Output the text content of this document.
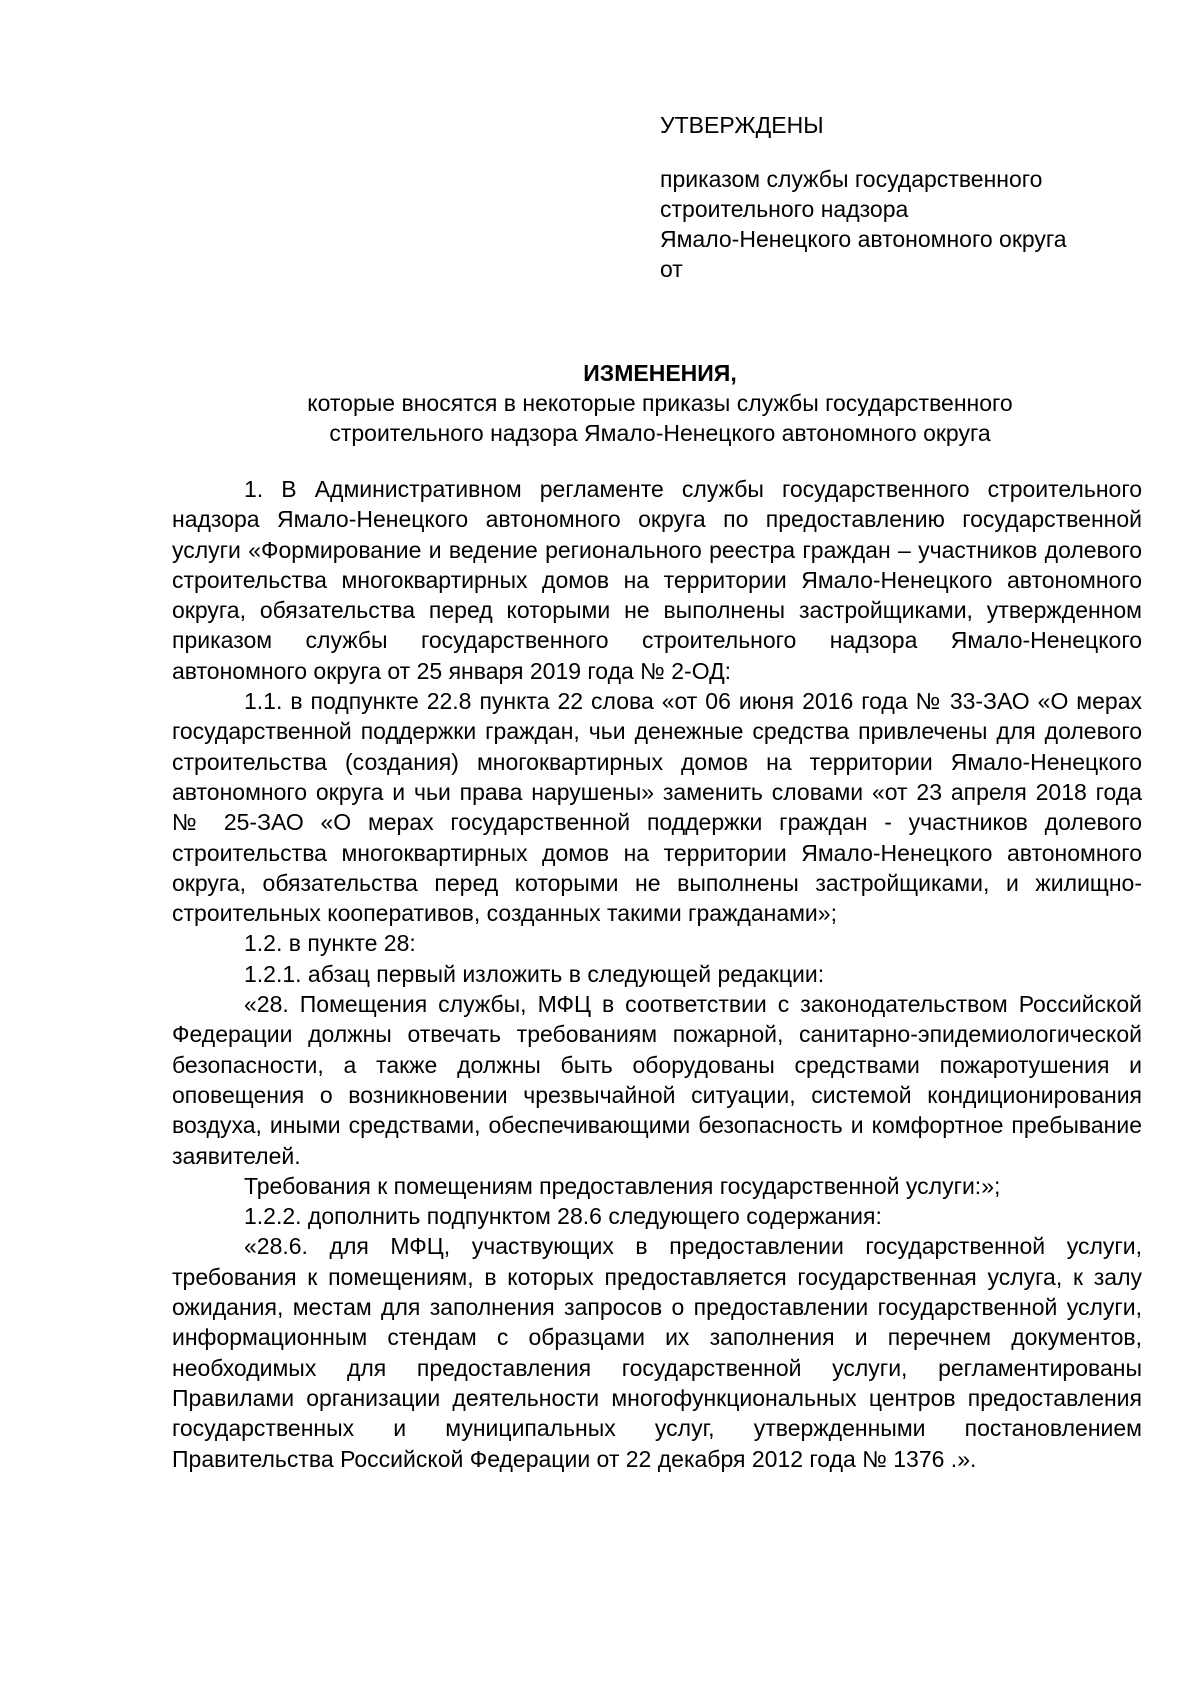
УТВЕРЖДЕНЫ
приказом службы государственного
строительного надзора
Ямало-Ненецкого автономного округа
от
ИЗМЕНЕНИЯ,
которые вносятся в некоторые приказы службы государственного
строительного надзора Ямало-Ненецкого автономного округа

1. В Административном регламенте службы государственного строительного надзора Ямало-Ненецкого автономного округа по предоставлению государственной услуги «Формирование и ведение регионального реестра граждан – участников долевого строительства многоквартирных домов на территории Ямало-Ненецкого автономного округа, обязательства перед которыми не выполнены застройщиками, утвержденном приказом службы государственного строительного надзора Ямало-Ненецкого автономного округа от 25 января 2019 года № 2-ОД:

1.1. в подпункте 22.8 пункта 22 слова «от 06 июня 2016 года № 33-ЗАО «О мерах государственной поддержки граждан, чьи денежные средства привлечены для долевого строительства (создания) многоквартирных домов на территории Ямало-Ненецкого автономного округа и чьи права нарушены» заменить словами «от 23 апреля 2018 года № 25-ЗАО «О мерах государственной поддержки граждан - участников долевого строительства многоквартирных домов на территории Ямало-Ненецкого автономного округа, обязательства перед которыми не выполнены застройщиками, и жилищно-строительных кооперативов, созданных такими гражданами»;

1.2. в пункте 28:

1.2.1. абзац первый изложить в следующей редакции:

«28. Помещения службы, МФЦ в соответствии с законодательством Российской Федерации должны отвечать требованиям пожарной, санитарно-эпидемиологической безопасности, а также должны быть оборудованы средствами пожаротушения и оповещения о возникновении чрезвычайной ситуации, системой кондиционирования воздуха, иными средствами, обеспечивающими безопасность и комфортное пребывание заявителей.

Требования к помещениям предоставления государственной услуги:»;

1.2.2. дополнить подпунктом 28.6 следующего содержания:

«28.6. для МФЦ, участвующих в предоставлении государственной услуги, требования к помещениям, в которых предоставляется государственная услуга, к залу ожидания, местам для заполнения запросов о предоставлении государственной услуги, информационным стендам с образцами их заполнения и перечнем документов, необходимых для предоставления государственной услуги, регламентированы Правилами организации деятельности многофункциональных центров предоставления государственных и муниципальных услуг, утвержденными постановлением Правительства Российской Федерации от 22 декабря 2012 года № 1376 .».
